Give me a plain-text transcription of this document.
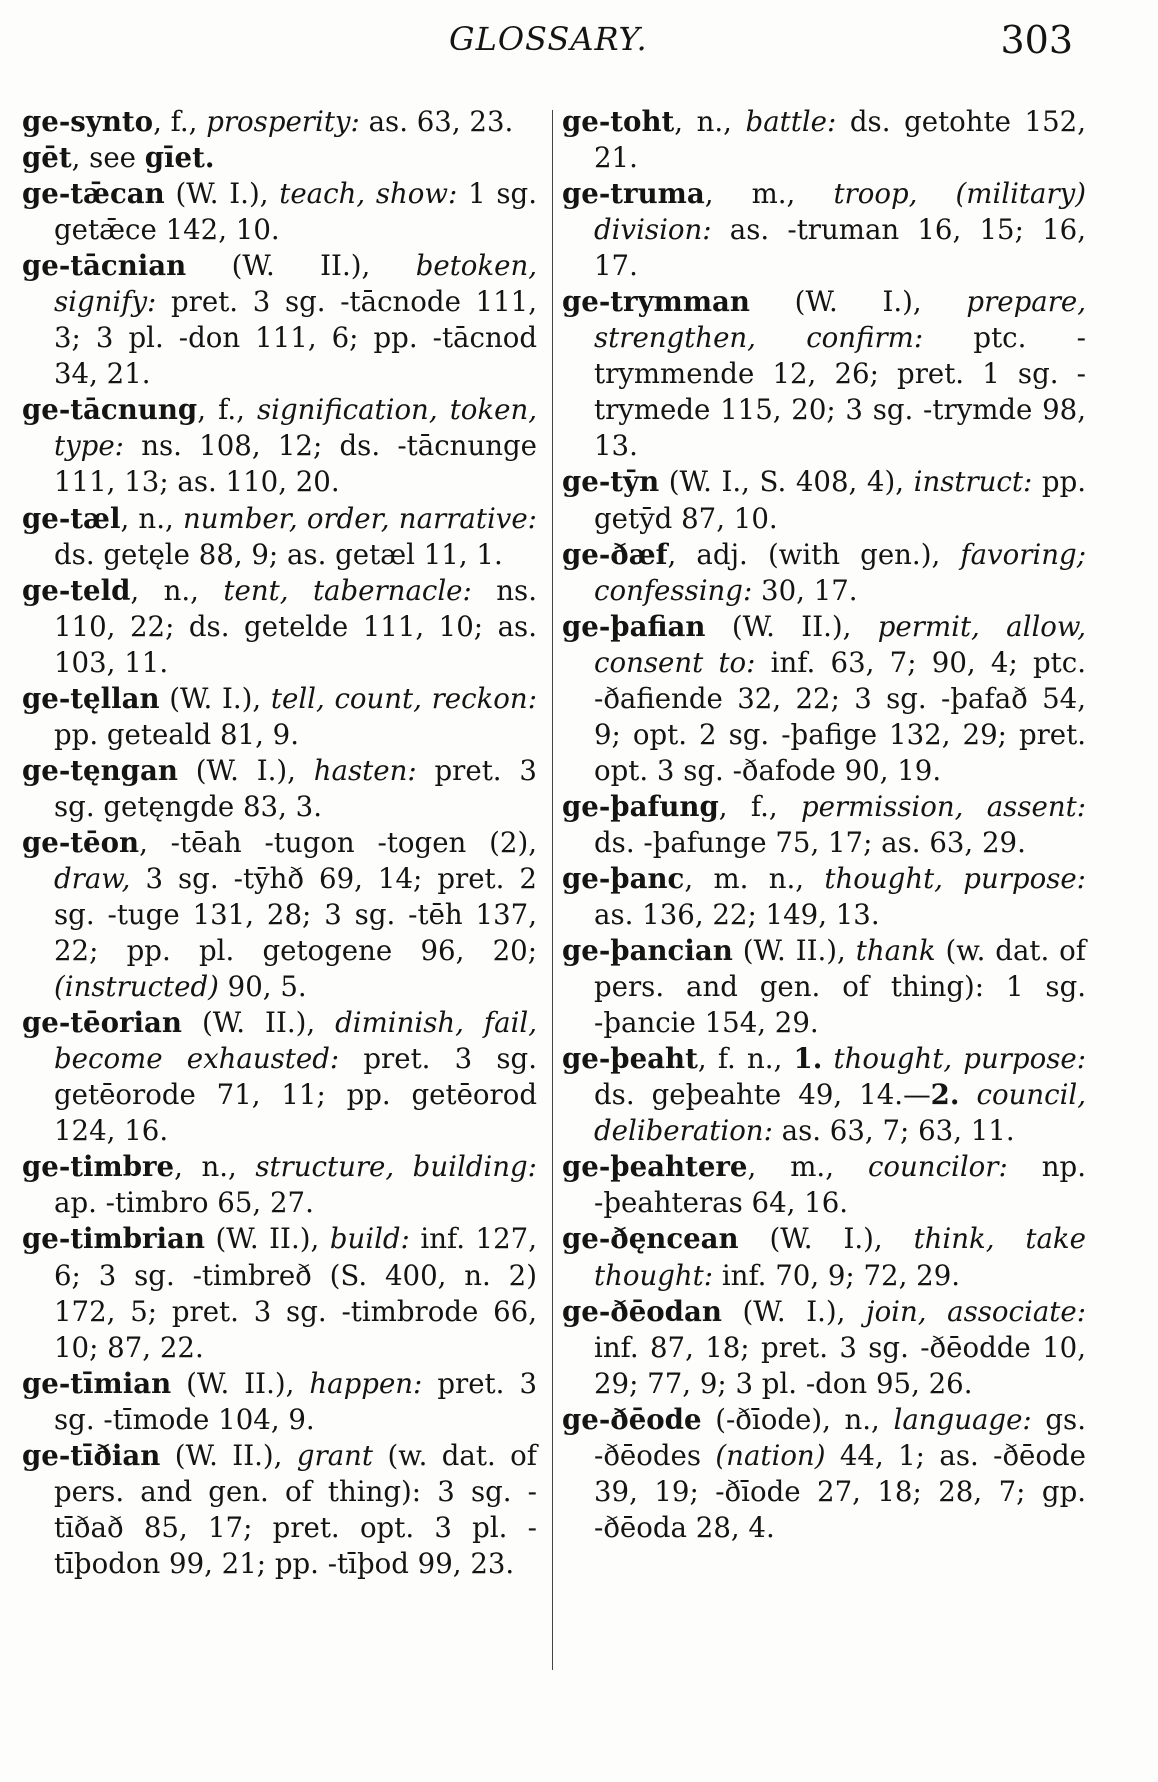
GLOSSARY.	303

ge-synto, f., prosperity: as. 63, 23.

gēt, see gīet.

ge-tǣcan (W. I.), teach, show: 1 sg. getǣce 142, 10.

ge-tācnian (W. II.), betoken, signify: pret. 3 sg. -tācnode 111, 3; 3 pl. -don 111, 6; pp. -tācnod 34, 21.

ge-tācnung, f., signification, token, type: ns. 108, 12; ds. -tācnunge 111, 13; as. 110, 20.

ge-tæl, n., number, order, narrative: ds. getęle 88, 9; as. getæl 11, 1.

ge-teld, n., tent, tabernacle: ns. 110, 22; ds. getelde 111, 10; as. 103, 11.

ge-tęllan (W. I.), tell, count, reckon: pp. geteald 81, 9.

ge-tęngan (W. I.), hasten: pret. 3 sg. getęngde 83, 3.

ge-tēon, -tēah -tugon -togen (2), draw, 3 sg. -tȳhð 69, 14; pret. 2 sg. -tuge 131, 28; 3 sg. -tēh 137, 22; pp. pl. getogene 96, 20; (instructed) 90, 5.

ge-tēorian (W. II.), diminish, fail, become exhausted: pret. 3 sg. getēorode 71, 11; pp. getēorod 124, 16.

ge-timbre, n., structure, building: ap. -timbro 65, 27.

ge-timbrian (W. II.), build: inf. 127, 6; 3 sg. -timbreð (S. 400, n. 2) 172, 5; pret. 3 sg. -timbrode 66, 10; 87, 22.

ge-tīmian (W. II.), happen: pret. 3 sg. -tīmode 104, 9.

ge-tīðian (W. II.), grant (w. dat. of pers. and gen. of thing): 3 sg. -tīðað 85, 17; pret. opt. 3 pl. -tīþodon 99, 21; pp. -tīþod 99, 23.

ge-toht, n., battle: ds. getohte 152, 21.

ge-truma, m., troop, (military) division: as. -truman 16, 15; 16, 17.

ge-trymman (W. I.), prepare, strengthen, confirm: ptc. -trymmende 12, 26; pret. 1 sg. -trymede 115, 20; 3 sg. -trymde 98, 13.

ge-tȳn (W. I., S. 408, 4), instruct: pp. getȳd 87, 10.

ge-ðæf, adj. (with gen.), favoring; confessing: 30, 17.

ge-þafian (W. II.), permit, allow, consent to: inf. 63, 7; 90, 4; ptc. -ðafiende 32, 22; 3 sg. -þafað 54, 9; opt. 2 sg. -þafige 132, 29; pret. opt. 3 sg. -ðafode 90, 19.

ge-þafung, f., permission, assent: ds. -þafunge 75, 17; as. 63, 29.

ge-þanc, m. n., thought, purpose: as. 136, 22; 149, 13.

ge-þancian (W. II.), thank (w. dat. of pers. and gen. of thing): 1 sg. -þancie 154, 29.

ge-þeaht, f. n., 1. thought, purpose: ds. geþeahte 49, 14.—2. council, deliberation: as. 63, 7; 63, 11.

ge-þeahtere, m., councilor: np. -þeahteras 64, 16.

ge-ðęncean (W. I.), think, take thought: inf. 70, 9; 72, 29.

ge-ðēodan (W. I.), join, associate: inf. 87, 18; pret. 3 sg. -ðēodde 10, 29; 77, 9; 3 pl. -don 95, 26.

ge-ðēode (-ðīode), n., language: gs. -ðēodes (nation) 44, 1; as. -ðēode 39, 19; -ðīode 27, 18; 28, 7; gp. -ðēoda 28, 4.
